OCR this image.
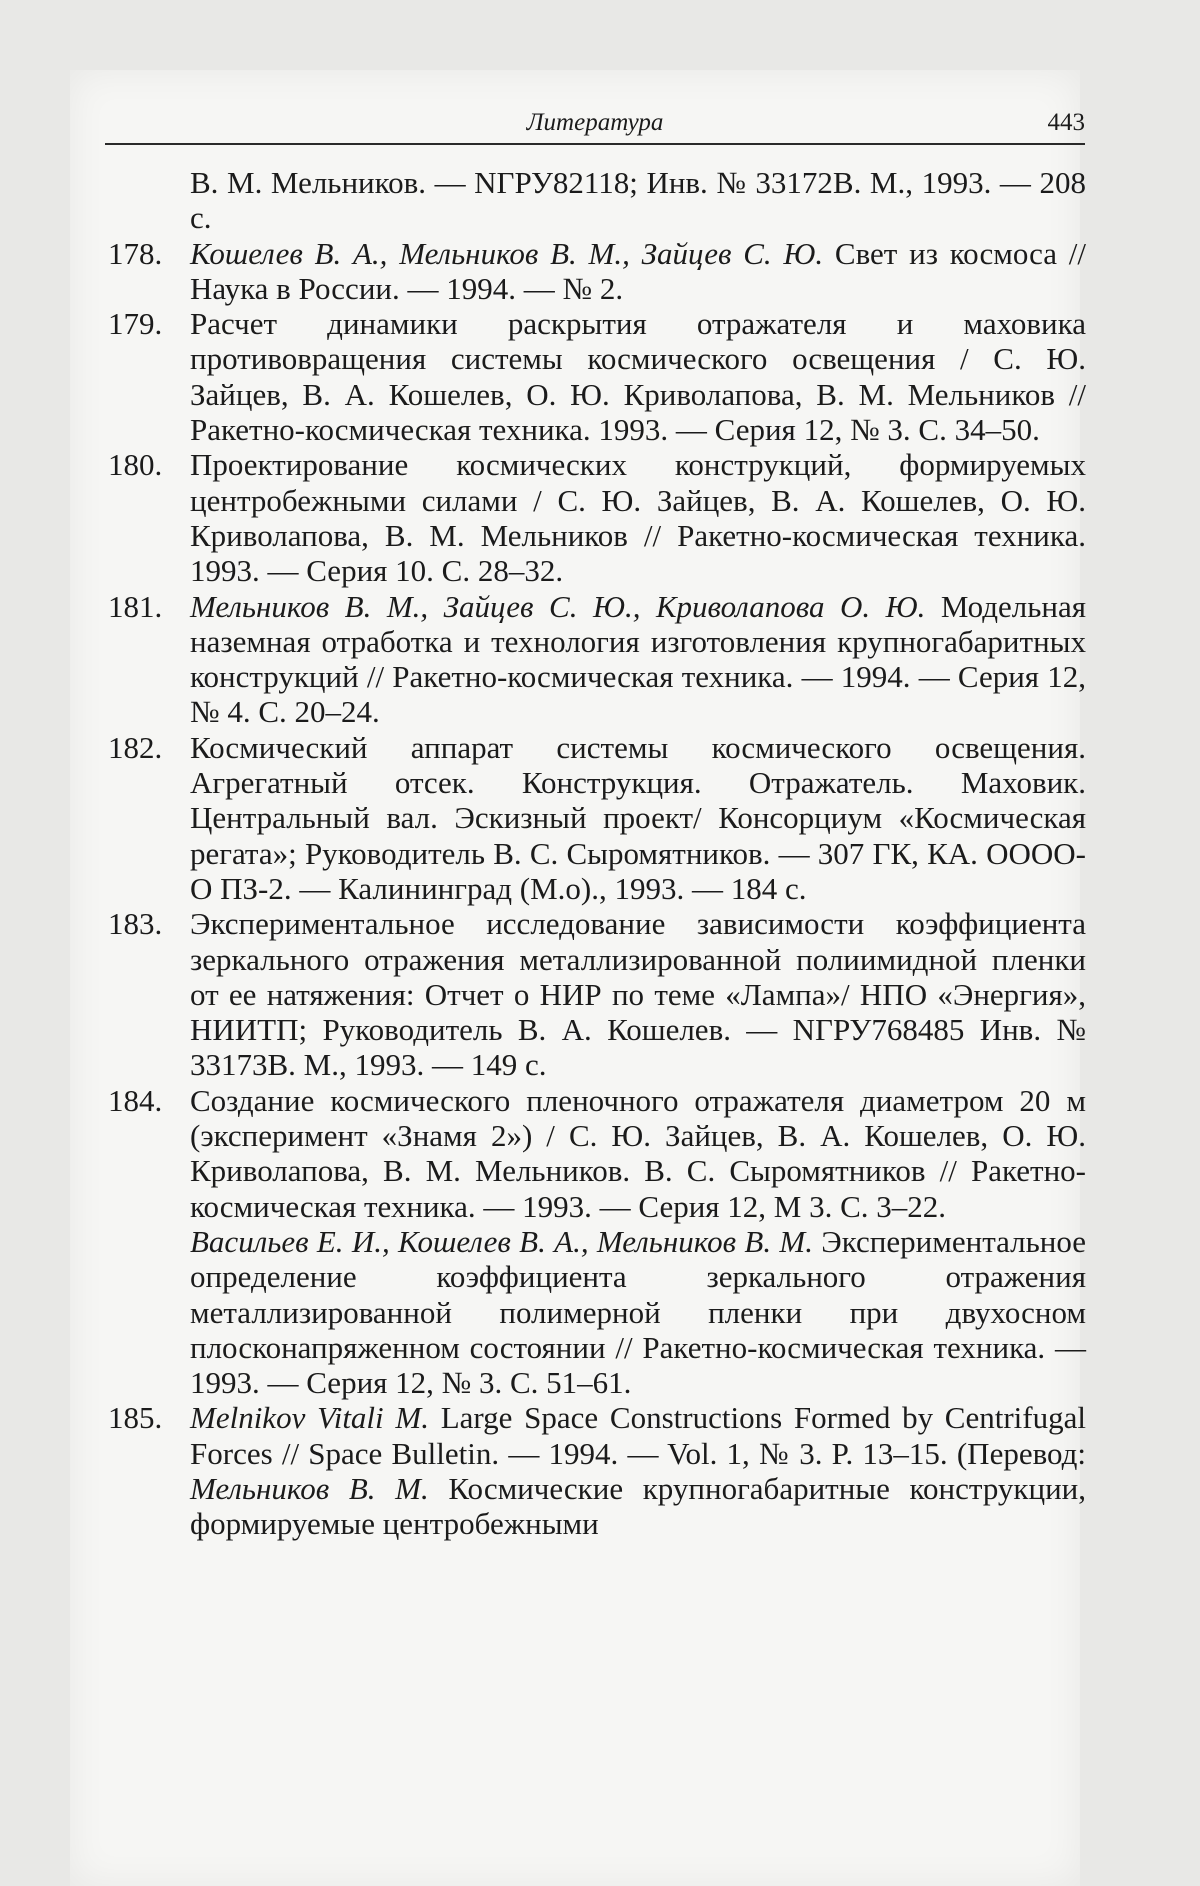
Литература	443

В. М. Мельников. — NГРУ82118; Инв. № 33172В. М., 1993. — 208 с.

178. Кошелев В. А., Мельников В. М., Зайцев С. Ю. Свет из космоса //Наука в России. — 1994. — № 2.

179. Расчет динамики раскрытия отражателя и маховика противовращения системы космического освещения / С. Ю. Зайцев, В. А. Кошелев, О. Ю. Криволапова, В. М. Мельников // Ракетно-космическая техника. 1993. — Серия 12, № 3. С. 34–50.

180. Проектирование космических конструкций, формируемых центробежными силами / С. Ю. Зайцев, В. А. Кошелев, О. Ю. Криволапова, В. М. Мельников // Ракетно-космическая техника. 1993. — Серия 10. С. 28–32.

181. Мельников В. М., Зайцев С. Ю., Криволапова О. Ю. Модельная наземная отработка и технология изготовления крупногабаритных конструкций // Ракетно-космическая техника. — 1994. — Серия 12, № 4. С. 20–24.

182. Космический аппарат системы космического освещения. Агрегатный отсек. Конструкция. Отражатель. Маховик. Центральный вал. Эскизный проект/ Консорциум «Космическая регата»; Руководитель В. С. Сыромятников. — 307 ГК, КА. ОООО-О ПЗ-2. — Калининград (М.о)., 1993. — 184 с.

183. Экспериментальное исследование зависимости коэффициента зеркального отражения металлизированной полиимидной пленки от ее натяжения: Отчет о НИР по теме «Лампа»/ НПО «Энергия», НИИТП; Руководитель В. А. Кошелев. — NГРУ768485 Инв. № 33173В. М., 1993. — 149 с.

184. Создание космического пленочного отражателя диаметром 20 м (эксперимент «Знамя 2») / С. Ю. Зайцев, В. А. Кошелев, О. Ю. Криволапова, В. М. Мельников. В. С. Сыромятников // Ракетно-космическая техника. — 1993. — Серия 12, М 3. С. 3–22.

Васильев Е. И., Кошелев В. А., Мельников В. М. Экспериментальное определение коэффициента зеркального отражения металлизированной полимерной пленки при двухосном плосконапряженном состоянии // Ракетно-космическая техника. — 1993. — Серия 12, № 3. С. 51–61.

185. Melnikov Vitali M. Large Space Constructions Formed by Centrifugal Forces // Space Bulletin. — 1994. — Vol. 1, № 3. P. 13–15. (Перевод: Мельников В. М. Космические крупногабаритные конструкции, формируемые центробежными
